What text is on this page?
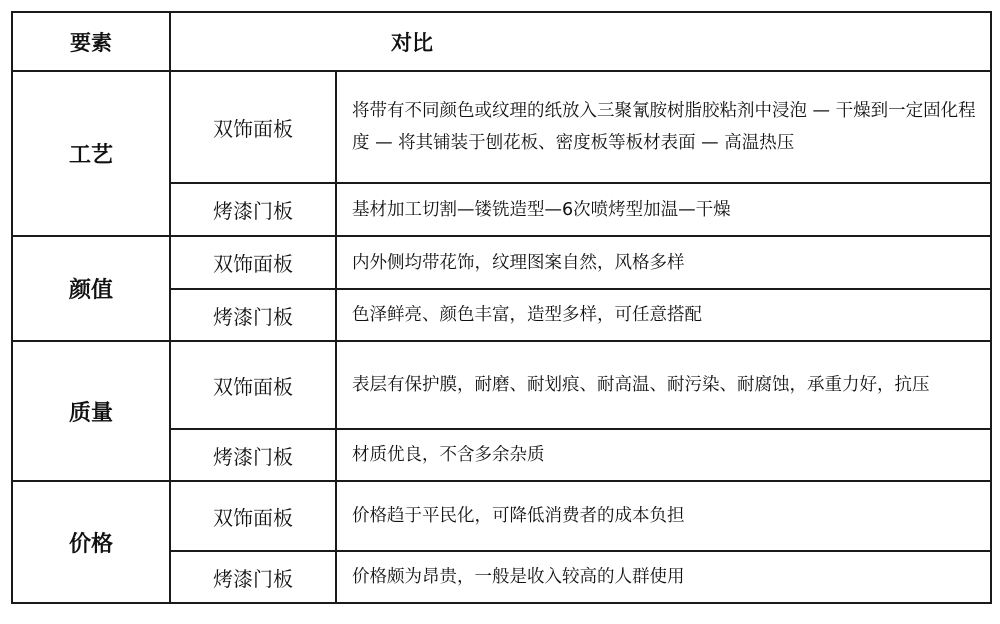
要素	对比	
工艺	双饰面板	将带有不同颜色或纹理的纸放入三聚氰胺树脂胶粘剂中浸泡 — 干燥到一定固化程度 — 将其铺装于刨花板、密度板等板材表面 — 高温热压
	烤漆门板	基材加工切割—镂铣造型—6次喷烤型加温—干燥
颜值	双饰面板	内外侧均带花饰，纹理图案自然，风格多样
	烤漆门板	色泽鲜亮、颜色丰富，造型多样，可任意搭配
质量	双饰面板	表层有保护膜，耐磨、耐划痕、耐高温、耐污染、耐腐蚀，承重力好，抗压
	烤漆门板	材质优良，不含多余杂质
价格	双饰面板	价格趋于平民化，可降低消费者的成本负担
	烤漆门板	价格颇为昂贵，一般是收入较高的人群使用
